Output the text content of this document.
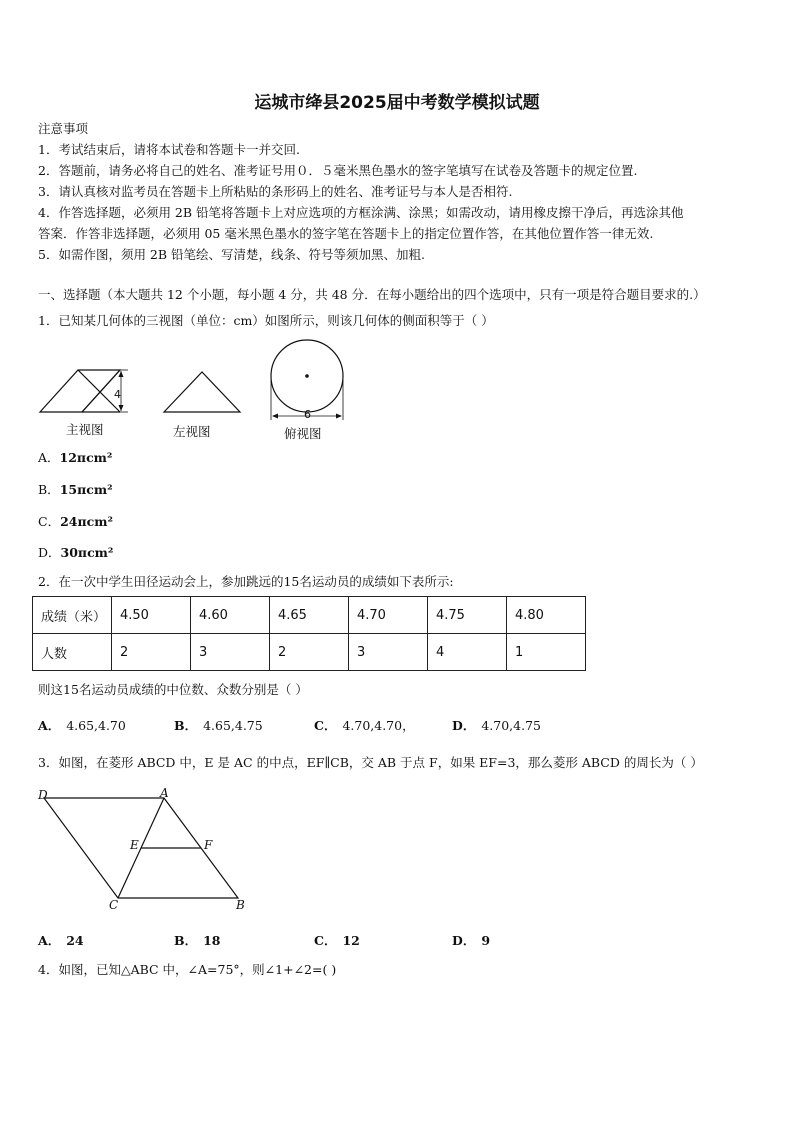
运城市绛县2025届中考数学模拟试题
注意事项
1．考试结束后，请将本试卷和答题卡一并交回.
2．答题前，请务必将自己的姓名、准考证号用０．５毫米黑色墨水的签字笔填写在试卷及答题卡的规定位置.
3．请认真核对监考员在答题卡上所粘贴的条形码上的姓名、准考证号与本人是否相符.
4．作答选择题，必须用 2B 铅笔将答题卡上对应选项的方框涂满、涂黑；如需改动，请用橡皮擦干净后，再选涂其他
答案．作答非选择题，必须用 05 毫米黑色墨水的签字笔在答题卡上的指定位置作答，在其他位置作答一律无效.
5．如需作图，须用 2B 铅笔绘、写清楚，线条、符号等须加黑、加粗.
一、选择题（本大题共 12 个小题，每小题 4 分，共 48 分．在每小题给出的四个选项中，只有一项是符合题目要求的.）
1．已知某几何体的三视图（单位：cm）如图所示，则该几何体的侧面积等于（ ）
4
6
主视图	左视图	俯视图
A．12πcm²
B．15πcm²
C．24πcm²
D．30πcm²
2．在一次中学生田径运动会上，参加跳远的15名运动员的成绩如下表所示:
成绩（米）	4.50	4.60	4.65	4.70	4.75	4.80
人数	2	3	2	3	4	1
则这15名运动员成绩的中位数、众数分别是（ ）
A． 4.65,4.70	B． 4.65,4.75	C． 4.70,4.70，	D． 4.70,4.75
3．如图，在菱形 ABCD 中，E 是 AC 的中点，EF∥CB，交 AB 于点 F，如果 EF=3，那么菱形 ABCD 的周长为（ ）
D	A
E	F
C	B
A． 24	B． 18	C． 12	D． 9
4．如图，已知△ABC 中，∠A=75°，则∠1+∠2=( )
